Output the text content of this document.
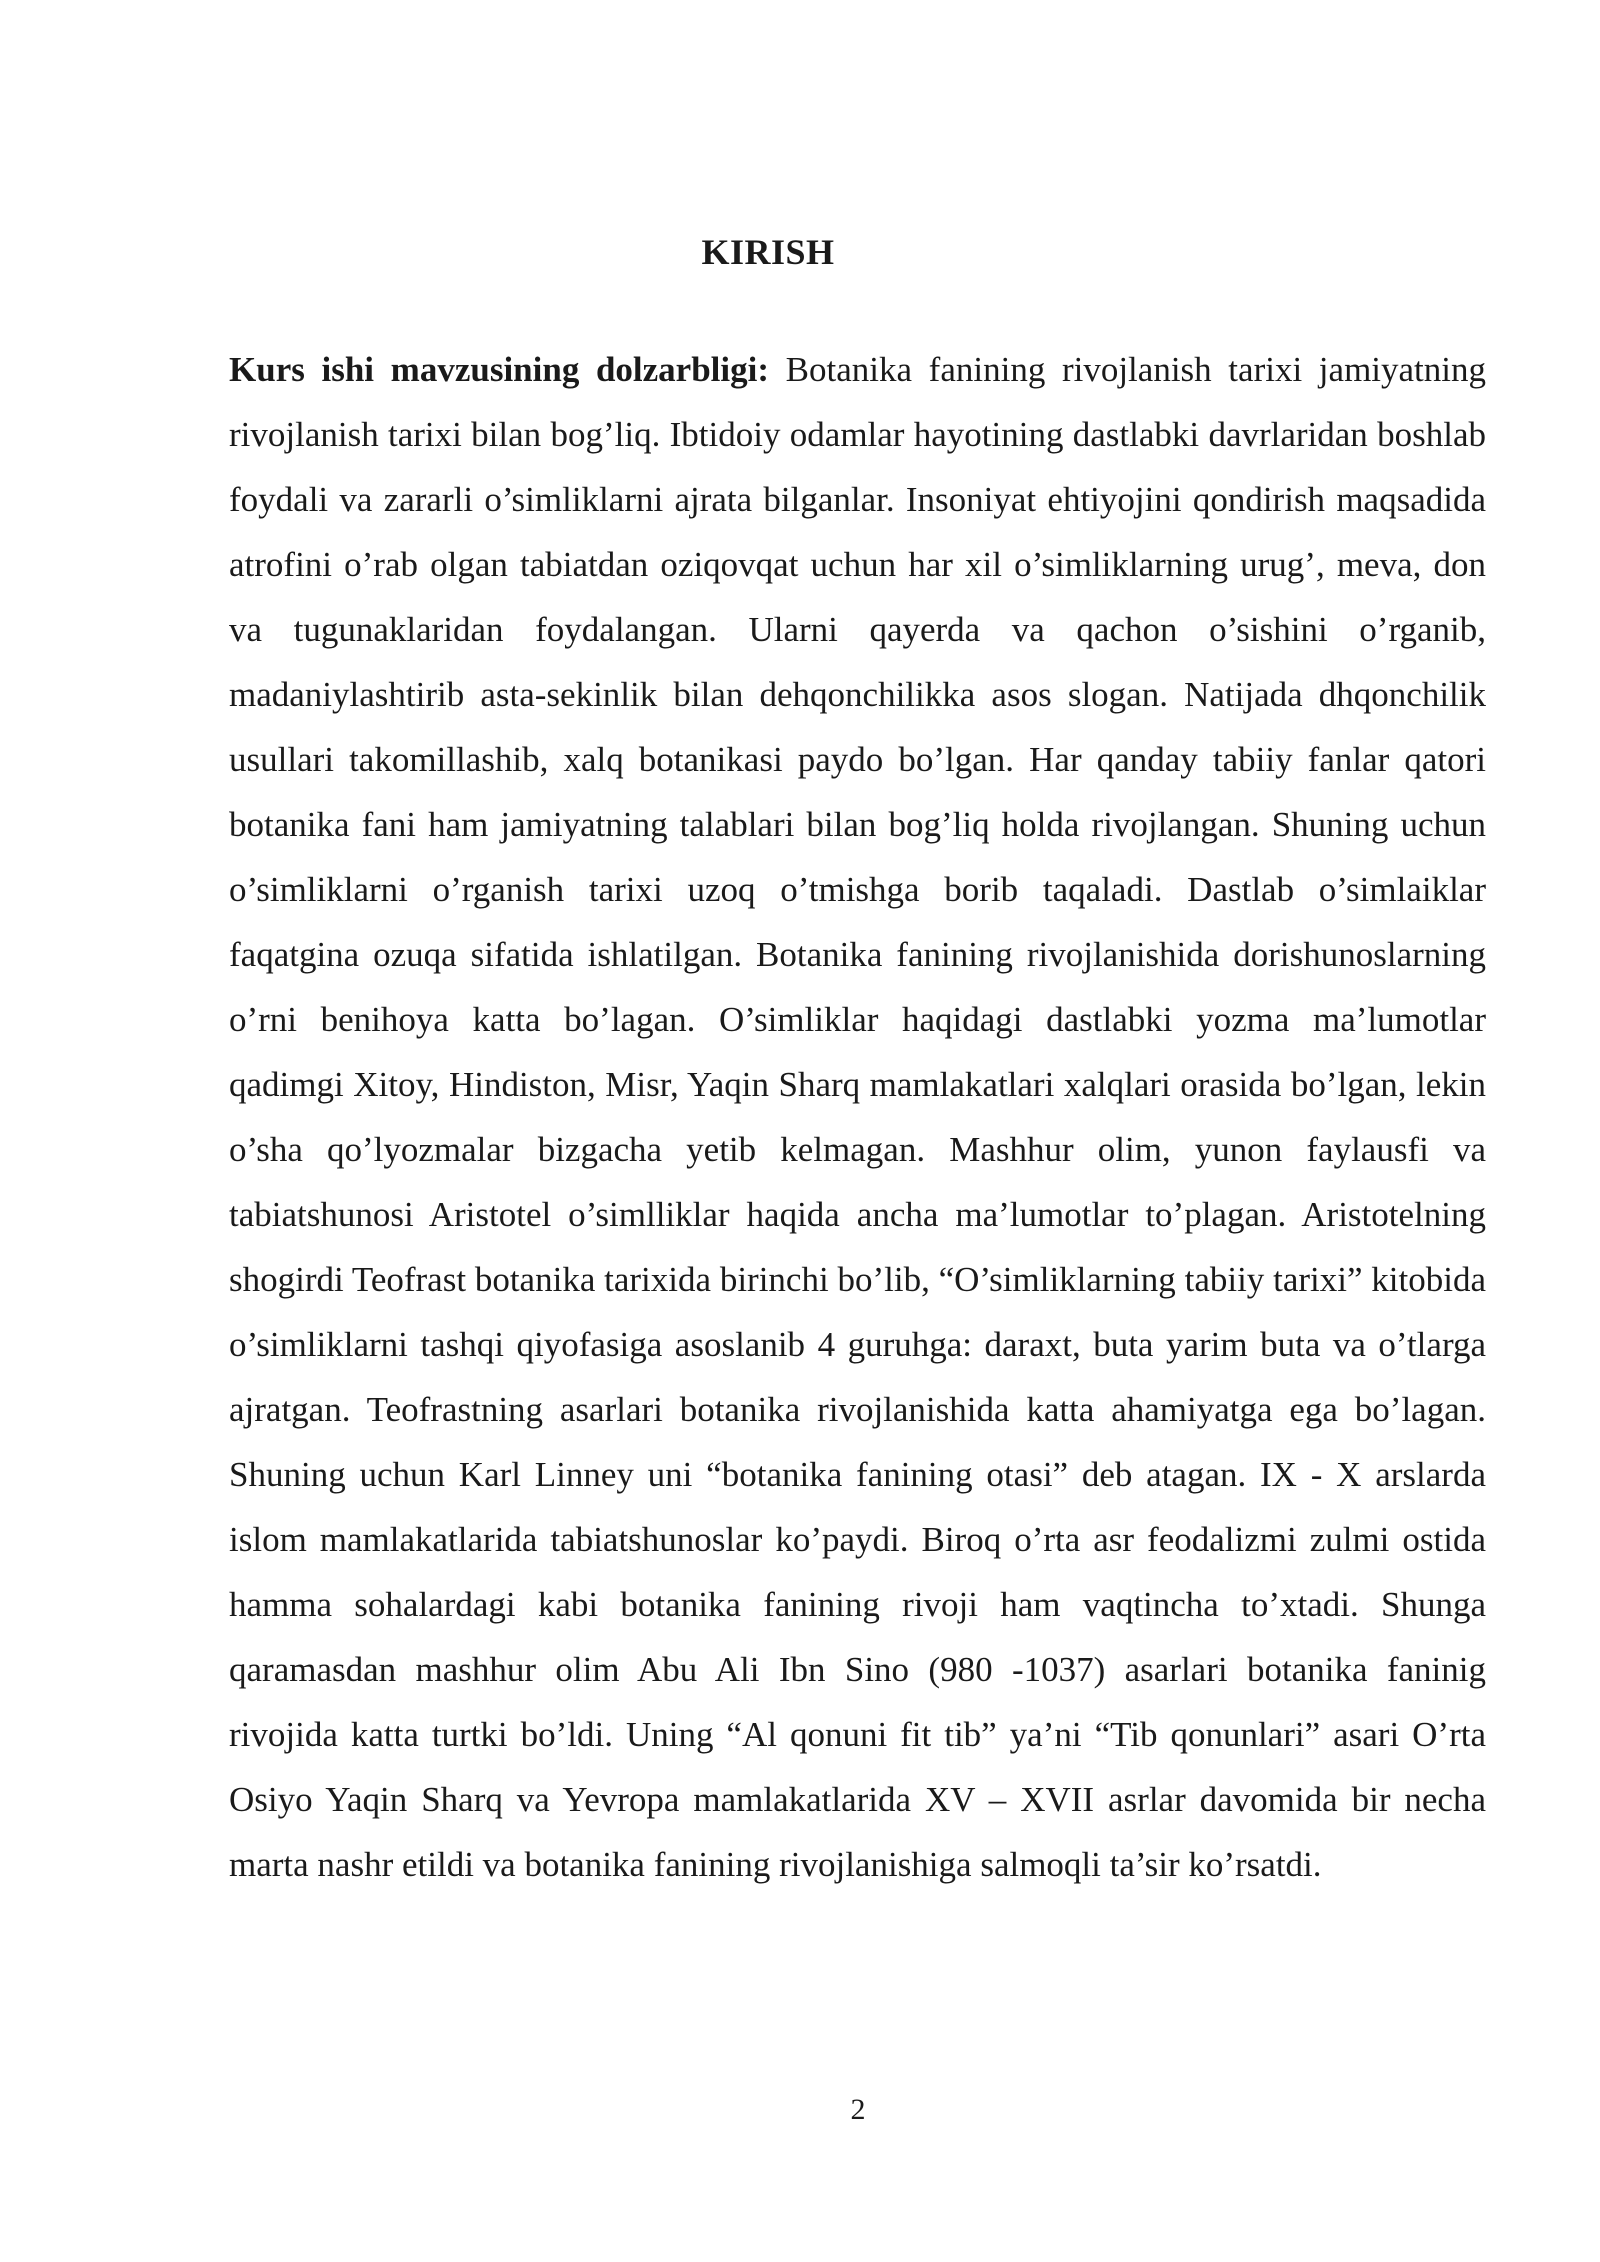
KIRISH

Kurs ishi mavzusining dolzarbligi: Botanika fanining rivojlanish tarixi jamiyatning rivojlanish tarixi bilan bog’liq. Ibtidoiy odamlar hayotining dastlabki davrlaridan boshlab foydali va zararli o’simliklarni ajrata bilganlar. Insoniyat ehtiyojini qondirish maqsadida atrofini o’rab olgan tabiatdan oziqovqat uchun har xil o’simliklarning urug’, meva, don va tugunaklaridan foydalangan. Ularni qayerda va qachon o’sishini o’rganib, madaniylashtirib asta-sekinlik bilan dehqonchilikka asos slogan. Natijada dhqonchilik usullari takomillashib, xalq botanikasi paydo bo’lgan. Har qanday tabiiy fanlar qatori botanika fani ham jamiyatning talablari bilan bog’liq holda rivojlangan. Shuning uchun o’simliklarni o’rganish tarixi uzoq o’tmishga borib taqaladi. Dastlab o’simlaiklar faqatgina ozuqa sifatida ishlatilgan. Botanika fanining rivojlanishida dorishunoslarning o’rni benihoya katta bo’lagan. O’simliklar haqidagi dastlabki yozma ma’lumotlar qadimgi Xitoy, Hindiston, Misr, Yaqin Sharq mamlakatlari xalqlari orasida bo’lgan, lekin o’sha qo’lyozmalar bizgacha yetib kelmagan. Mashhur olim, yunon faylausfi va tabiatshunosi Aristotel o’simlliklar haqida ancha ma’lumotlar to’plagan. Aristotelning shogirdi Teofrast botanika tarixida birinchi bo’lib, “O’simliklarning tabiiy tarixi” kitobida o’simliklarni tashqi qiyofasiga asoslanib 4 guruhga: daraxt, buta yarim buta va o’tlarga ajratgan. Teofrastning asarlari botanika rivojlanishida katta ahamiyatga ega bo’lagan. Shuning uchun Karl Linney uni “botanika fanining otasi” deb atagan. IX - X arslarda islom mamlakatlarida tabiatshunoslar ko’paydi. Biroq o’rta asr feodalizmi zulmi ostida hamma sohalardagi kabi botanika fanining rivoji ham vaqtincha to’xtadi. Shunga qaramasdan mashhur olim Abu Ali Ibn Sino (980 -1037) asarlari botanika faninig rivojida katta turtki bo’ldi. Uning “Al qonuni fit tib” ya’ni “Tib qonunlari” asari O’rta Osiyo Yaqin Sharq va Yevropa mamlakatlarida XV – XVII asrlar davomida bir necha marta nashr etildi va botanika fanining rivojlanishiga salmoqli ta’sir ko’rsatdi.

2
